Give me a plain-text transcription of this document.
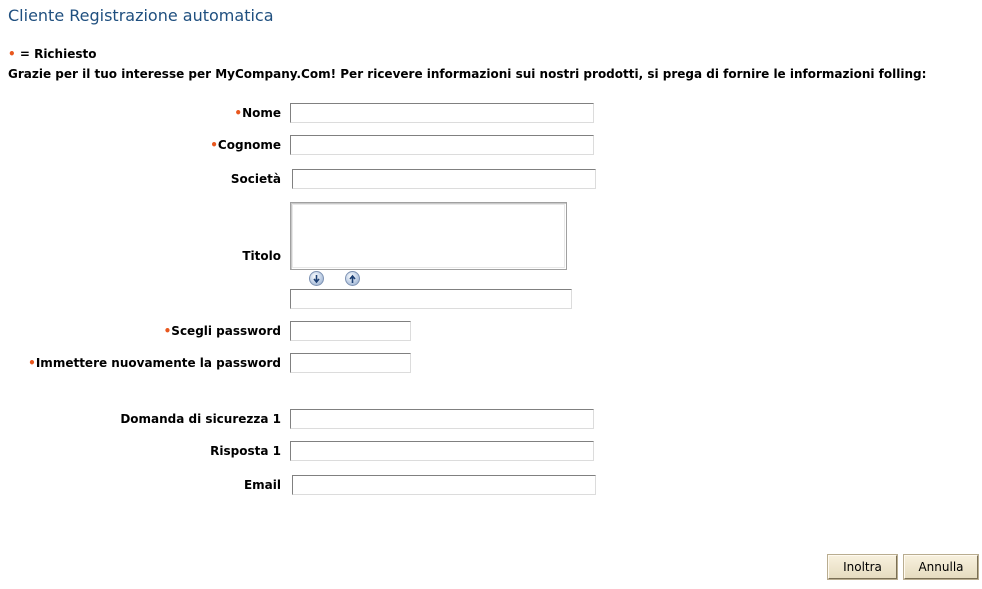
Cliente Registrazione automatica
• = Richiesto
Grazie per il tuo interesse per MyCompany.Com! Per ricevere informazioni sui nostri prodotti, si prega di fornire le informazioni folling:
•Nome
•Cognome
Società
Titolo
•Scegli password
•Immettere nuovamente la password
Domanda di sicurezza 1
Risposta 1
Email
Inoltra	Annulla
